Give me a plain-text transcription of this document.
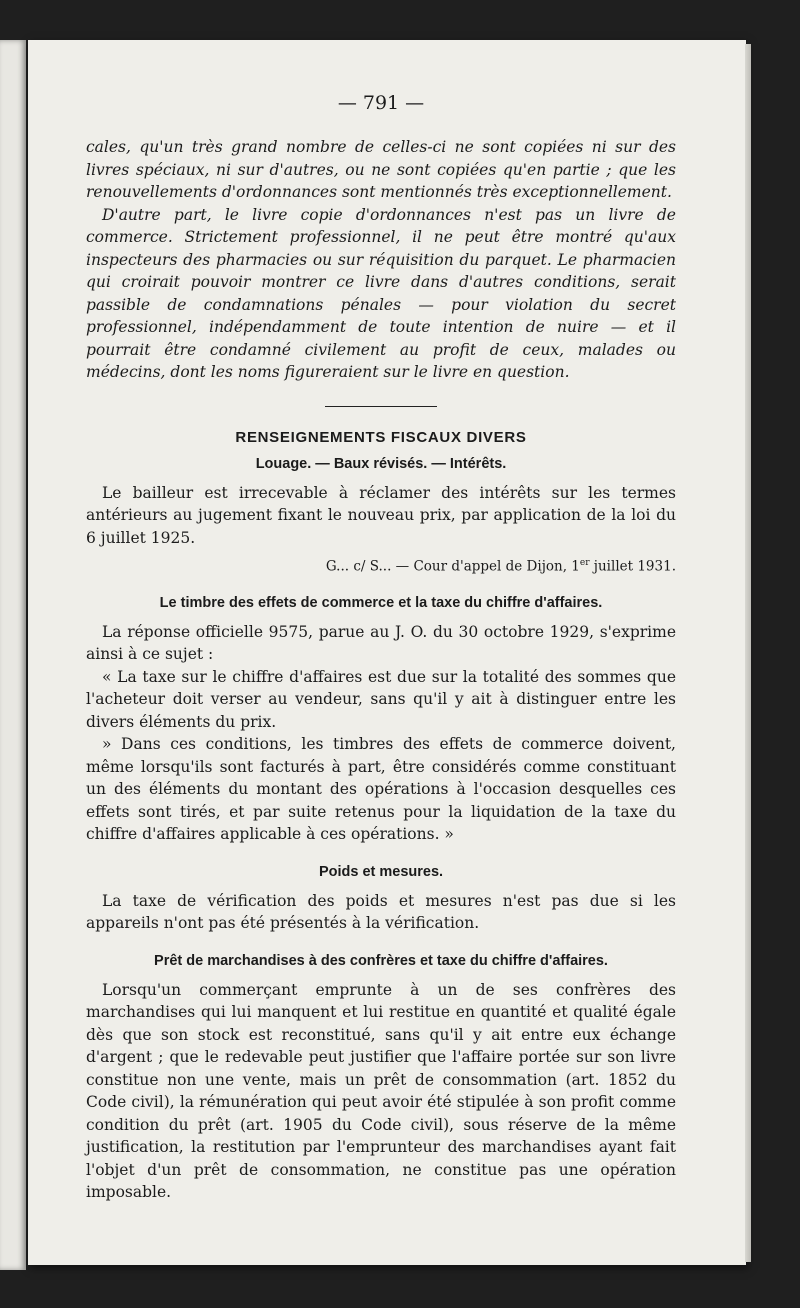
— 791 —

cales, qu'un très grand nombre de celles-ci ne sont copiées ni sur des livres spéciaux, ni sur d'autres, ou ne sont copiées qu'en partie ; que les renouvellements d'ordonnances sont mentionnés très exceptionnellement.

D'autre part, le livre copie d'ordonnances n'est pas un livre de commerce. Strictement professionnel, il ne peut être montré qu'aux inspecteurs des pharmacies ou sur réquisition du parquet. Le pharmacien qui croirait pouvoir montrer ce livre dans d'autres conditions, serait passible de condamnations pénales — pour violation du secret professionnel, indépendamment de toute intention de nuire — et il pourrait être condamné civilement au profit de ceux, malades ou médecins, dont les noms figureraient sur le livre en question.

RENSEIGNEMENTS FISCAUX DIVERS
Louage. — Baux révisés. — Intérêts.

Le bailleur est irrecevable à réclamer des intérêts sur les termes antérieurs au jugement fixant le nouveau prix, par application de la loi du 6 juillet 1925.

G... c/ S... — Cour d'appel de Dijon, 1er juillet 1931.
Le timbre des effets de commerce et la taxe du chiffre d'affaires.

La réponse officielle 9575, parue au J. O. du 30 octobre 1929, s'exprime ainsi à ce sujet :

« La taxe sur le chiffre d'affaires est due sur la totalité des sommes que l'acheteur doit verser au vendeur, sans qu'il y ait à distinguer entre les divers éléments du prix.

» Dans ces conditions, les timbres des effets de commerce doivent, même lorsqu'ils sont facturés à part, être considérés comme constituant un des éléments du montant des opérations à l'occasion desquelles ces effets sont tirés, et par suite retenus pour la liquidation de la taxe du chiffre d'affaires applicable à ces opérations. »

Poids et mesures.

La taxe de vérification des poids et mesures n'est pas due si les appareils n'ont pas été présentés à la vérification.

Prêt de marchandises à des confrères et taxe du chiffre d'affaires.

Lorsqu'un commerçant emprunte à un de ses confrères des marchandises qui lui manquent et lui restitue en quantité et qualité égale dès que son stock est reconstitué, sans qu'il y ait entre eux échange d'argent ; que le redevable peut justifier que l'affaire portée sur son livre constitue non une vente, mais un prêt de consommation (art. 1852 du Code civil), la rémunération qui peut avoir été stipulée à son profit comme condition du prêt (art. 1905 du Code civil), sous réserve de la même justification, la restitution par l'emprunteur des marchandises ayant fait l'objet d'un prêt de consommation, ne constitue pas une opération imposable.
